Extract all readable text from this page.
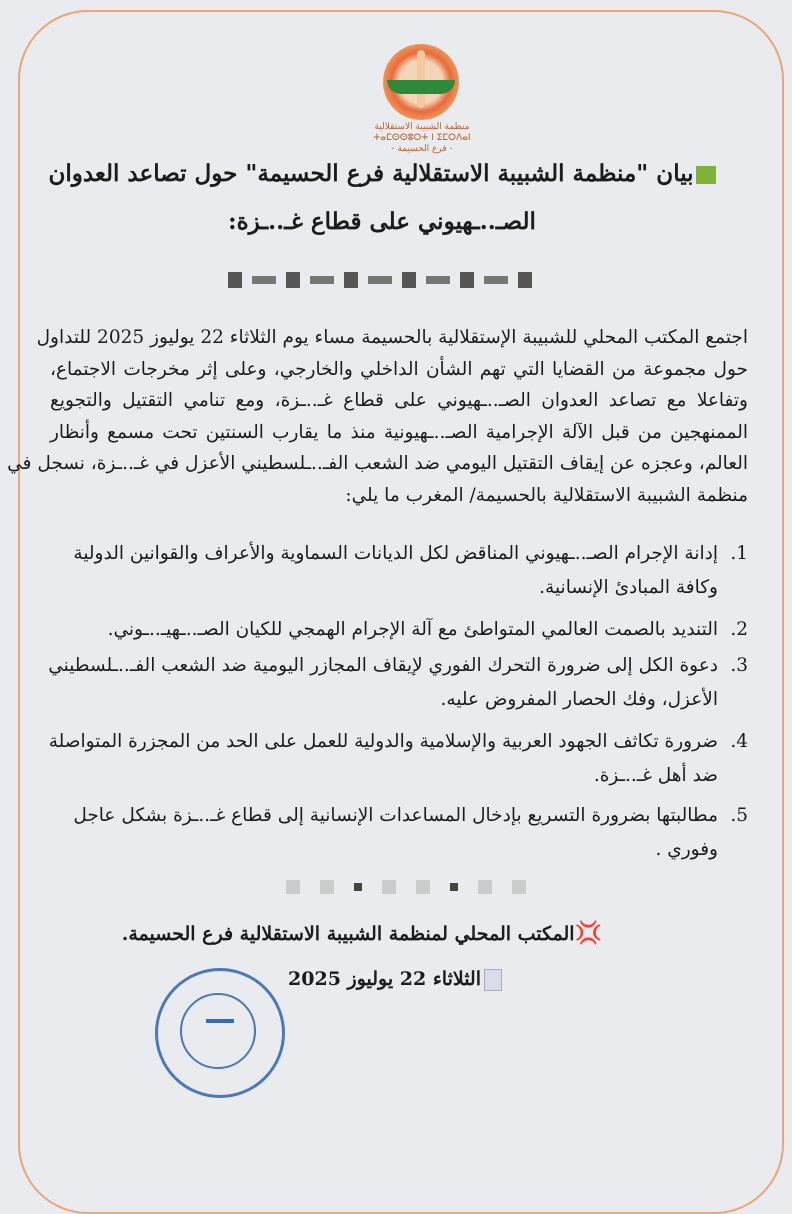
منظمة الشبيبة الاستقلالية
ⵜⴰⵎⵙⵙⵓⵔⵜ ⵏ ⵉⵎⵔⴷⴰⵏ
- فرع الحسيمة -
بيان "منظمة الشبيبة الاستقلالية فرع الحسيمة" حول تصاعد العدوان
الصـ..ـهيوني على قطاع غـ..ـزة:
اجتمع المكتب المحلي للشبيبة الإستقلالية بالحسيمة مساء يوم الثلاثاء 22 يوليوز 2025 للتداول
حول مجموعة من القضايا التي تهم الشأن الداخلي والخارجي، وعلى إثر مخرجات الاجتماع،
وتفاعلا مع تصاعد العدوان الصـ..ـهيوني على قطاع غـ..ـزة، ومع تنامي التقتيل والتجويع
الممنهجين من قبل الآلة الإجرامية الصـ..ـهيونية منذ ما يقارب السنتين تحت مسمع وأنظار
العالم، وعجزه عن إيقاف التقتيل اليومي ضد الشعب الفـ..ـلسطيني الأعزل في غـ..ـزة، نسجل في
منظمة الشبيبة الاستقلالية بالحسيمة/ المغرب ما يلي:
1.
إدانة الإجرام الصـ..ـهيوني المناقض لكل الديانات السماوية والأعراف والقوانين الدولية
وكافة المبادئ الإنسانية.
2.
التنديد بالصمت العالمي المتواطئ مع آلة الإجرام الهمجي للكيان الصـ..ـهيـ..ـوني.
3.
دعوة الكل إلى ضرورة التحرك الفوري لإيقاف المجازر اليومية ضد الشعب الفـ..ـلسطيني
الأعزل، وفك الحصار المفروض عليه.
4.
ضرورة تكاثف الجهود العربية والإسلامية والدولية للعمل على الحد من المجزرة المتواصلة
ضد أهل غـ..ـزة.
5.
مطالبتها بضرورة التسريع بإدخال المساعدات الإنسانية إلى قطاع غـ..ـزة بشكل عاجل
وفوري .
💢المكتب المحلي لمنظمة الشبيبة الاستقلالية فرع الحسيمة.
الثلاثاء 22 يوليوز 2025
